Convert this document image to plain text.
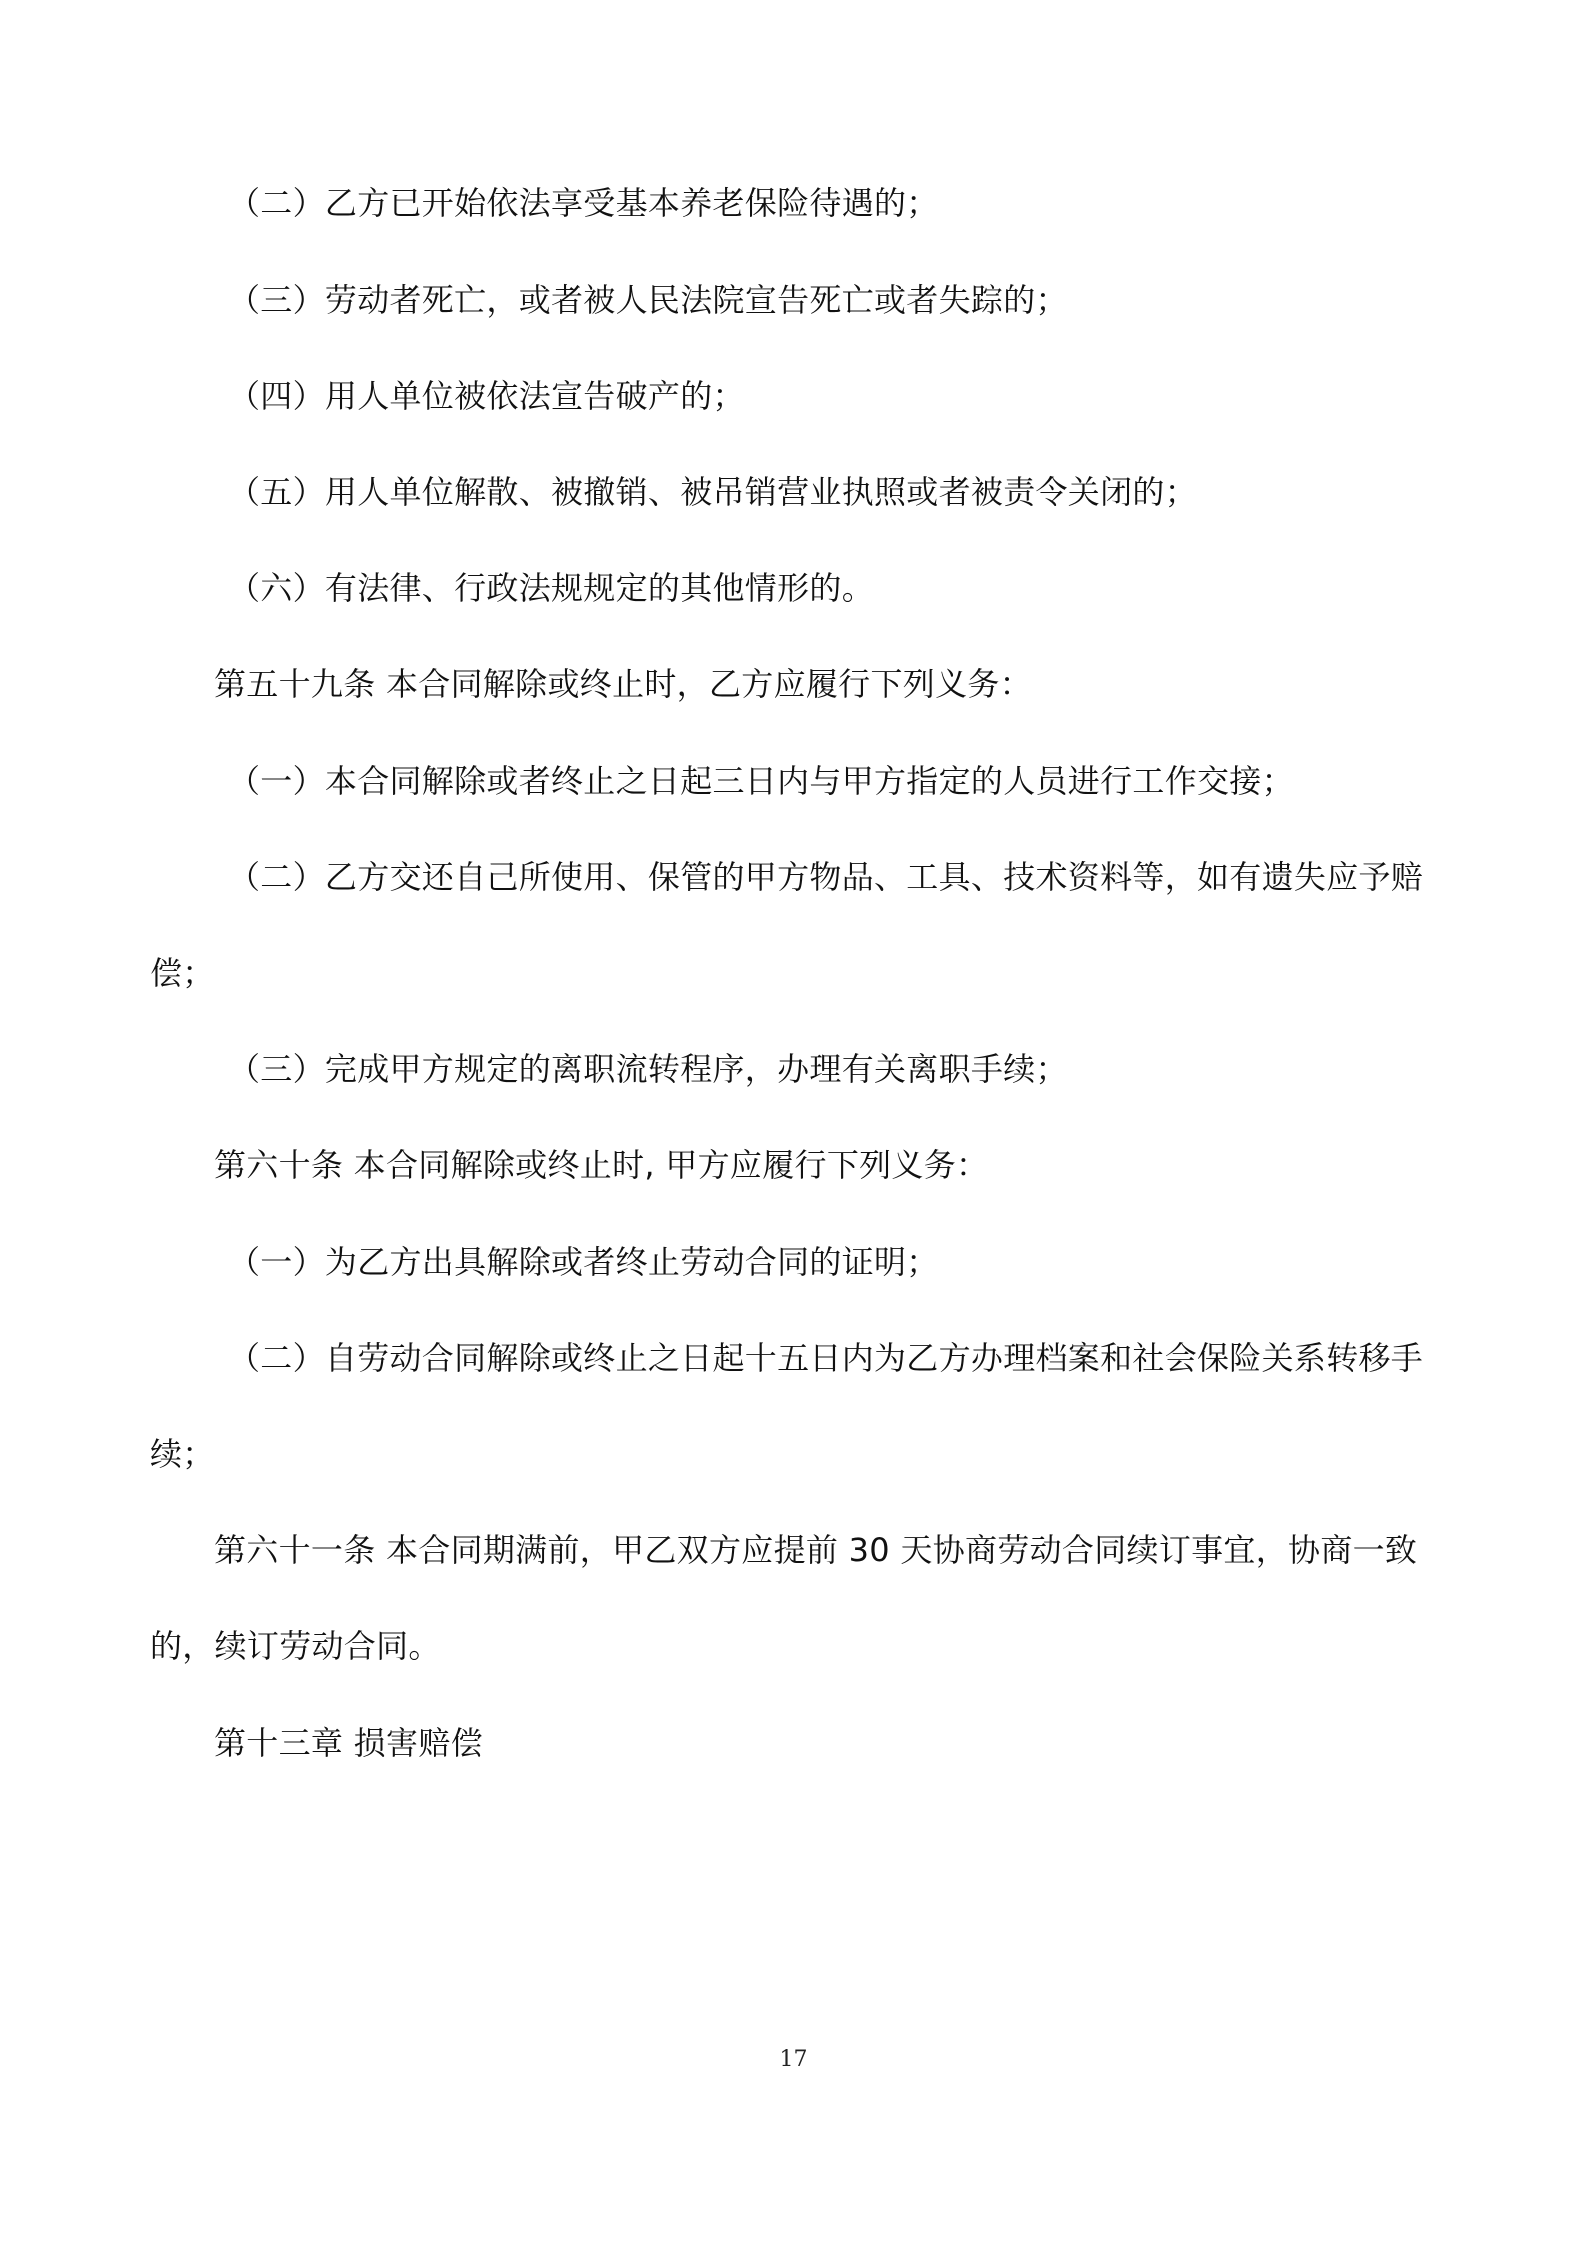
（二）乙方已开始依法享受基本养老保险待遇的；
（三）劳动者死亡，或者被人民法院宣告死亡或者失踪的；
（四）用人单位被依法宣告破产的；
（五）用人单位解散、被撤销、被吊销营业执照或者被责令关闭的；
（六）有法律、行政法规规定的其他情形的。
第五十九条 本合同解除或终止时，乙方应履行下列义务：
（一）本合同解除或者终止之日起三日内与甲方指定的人员进行工作交接；
（二）乙方交还自己所使用、保管的甲方物品、工具、技术资料等，如有遗失应予赔
偿；
（三）完成甲方规定的离职流转程序，办理有关离职手续；
第六十条 本合同解除或终止时, 甲方应履行下列义务：
（一）为乙方出具解除或者终止劳动合同的证明；
（二）自劳动合同解除或终止之日起十五日内为乙方办理档案和社会保险关系转移手
续；
第六十一条 本合同期满前，甲乙双方应提前 30 天协商劳动合同续订事宜，协商一致
的，续订劳动合同。
第十三章 损害赔偿
17
